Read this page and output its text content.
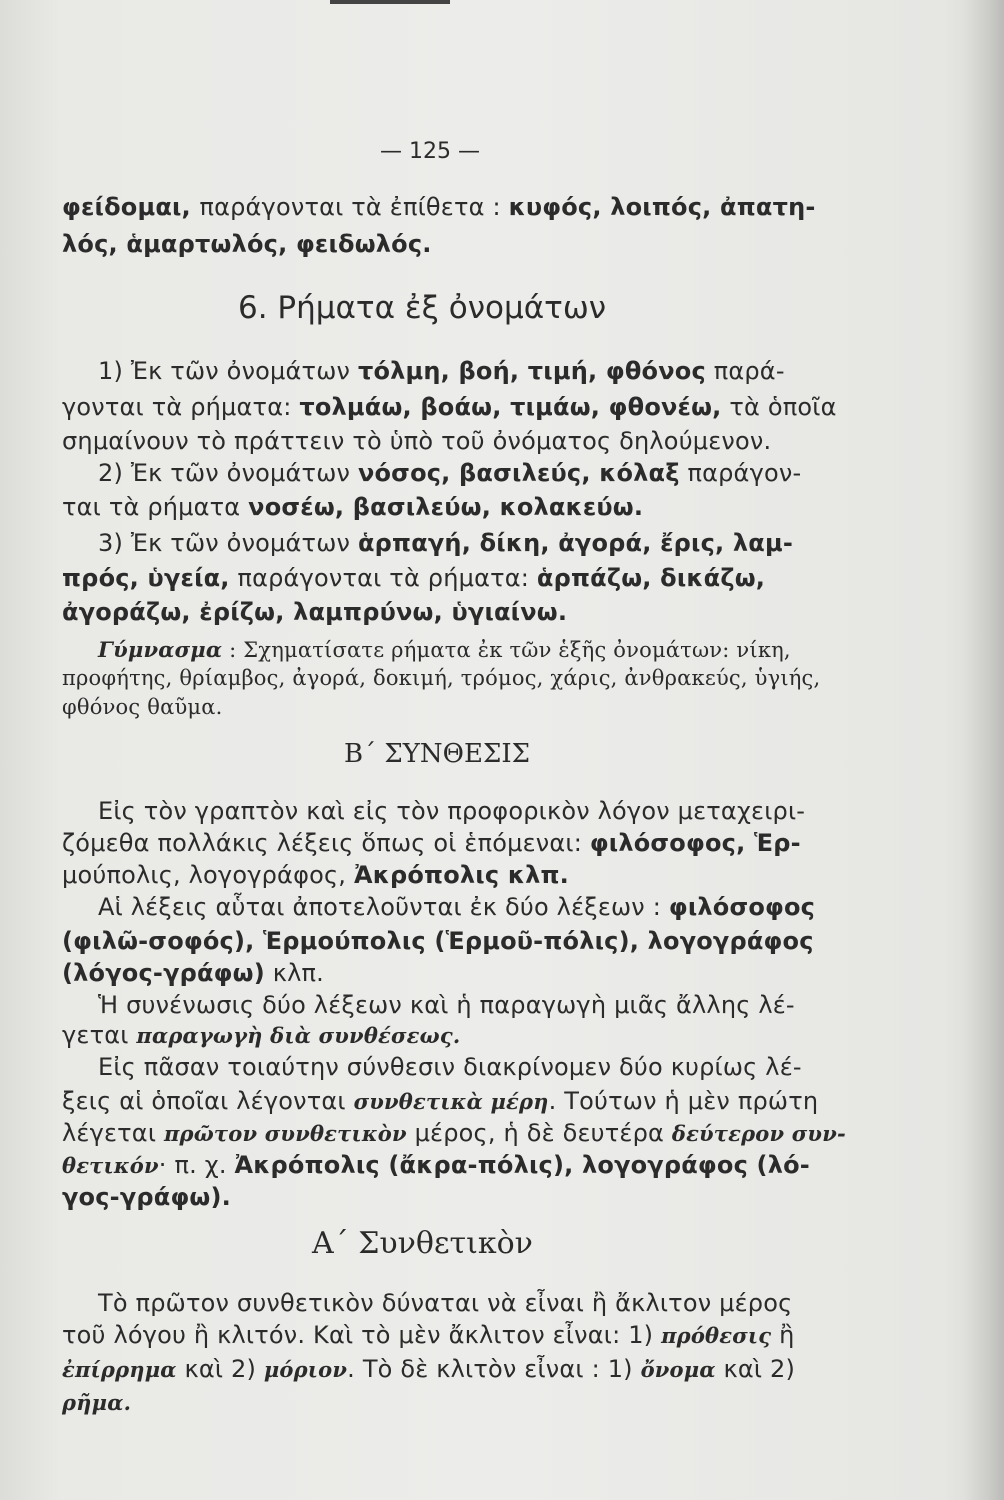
— 125 —
φείδομαι, παράγονται τὰ ἐπίθετα : κυφός, λοιπός, ἀπατη-
λός, ἁμαρτωλός, φειδωλός.
6. Ρήματα ἐξ ὀνομάτων
1) Ἐκ τῶν ὀνομάτων τόλμη, βοή, τιμή, φθόνος παρά-
γονται τὰ ρήματα: τολμάω, βοάω, τιμάω, φθονέω, τὰ ὁποῖα
σημαίνουν τὸ πράττειν τὸ ὑπὸ τοῦ ὀνόματος δηλούμενον.
2) Ἐκ τῶν ὀνομάτων νόσος, βασιλεύς, κόλαξ παράγον-
ται τὰ ρήματα νοσέω, βασιλεύω, κολακεύω.
3) Ἐκ τῶν ὀνομάτων ἁρπαγή, δίκη, ἀγορά, ἔρις, λαμ-
πρός, ὑγεία, παράγονται τὰ ρήματα: ἁρπάζω, δικάζω,
ἀγοράζω, ἐρίζω, λαμπρύνω, ὑγιαίνω.
Γύμνασμα : Σχηματίσατε ρήματα ἐκ τῶν ἑξῆς ὀνομάτων: νίκη,
προφήτης, θρίαμβος, ἀγορά, δοκιμή, τρόμος, χάρις, ἀνθρακεύς, ὑγιής,
φθόνος θαῦμα.
Β΄ ΣΥΝΘΕΣΙΣ
Εἰς τὸν γραπτὸν καὶ εἰς τὸν προφορικὸν λόγον μεταχειρι-
ζόμεθα πολλάκις λέξεις ὅπως οἱ ἑπόμεναι: φιλόσοφος, Ἑρ-
μούπολις, λογογράφος, Ἀκρόπολις κλπ.
Αἱ λέξεις αὗται ἀποτελοῦνται ἐκ δύο λέξεων : φιλόσοφος
(φιλῶ-σοφός), Ἑρμούπολις (Ἑρμοῦ-πόλις), λογογράφος
(λόγος-γράφω) κλπ.
Ἡ συνένωσις δύο λέξεων καὶ ἡ παραγωγὴ μιᾶς ἄλλης λέ-
γεται παραγωγὴ διὰ συνθέσεως.
Εἰς πᾶσαν τοιαύτην σύνθεσιν διακρίνομεν δύο κυρίως λέ-
ξεις αἱ ὁποῖαι λέγονται συνθετικὰ μέρη. Τούτων ἡ μὲν πρώτη
λέγεται πρῶτον συνθετικὸν μέρος, ἡ δὲ δευτέρα δεύτερον συν-
θετικόν· π. χ. Ἀκρόπολις (ἄκρα-πόλις), λογογράφος (λό-
γος-γράφω).
Α΄ Συνθετικὸν
Τὸ πρῶτον συνθετικὸν δύναται νὰ εἶναι ἢ ἄκλιτον μέρος
τοῦ λόγου ἢ κλιτόν. Καὶ τὸ μὲν ἄκλιτον εἶναι: 1) πρόθεσις ἢ
ἐπίρρημα καὶ 2) μόριον. Τὸ δὲ κλιτὸν εἶναι : 1) ὄνομα καὶ 2)
ρῆμα.
